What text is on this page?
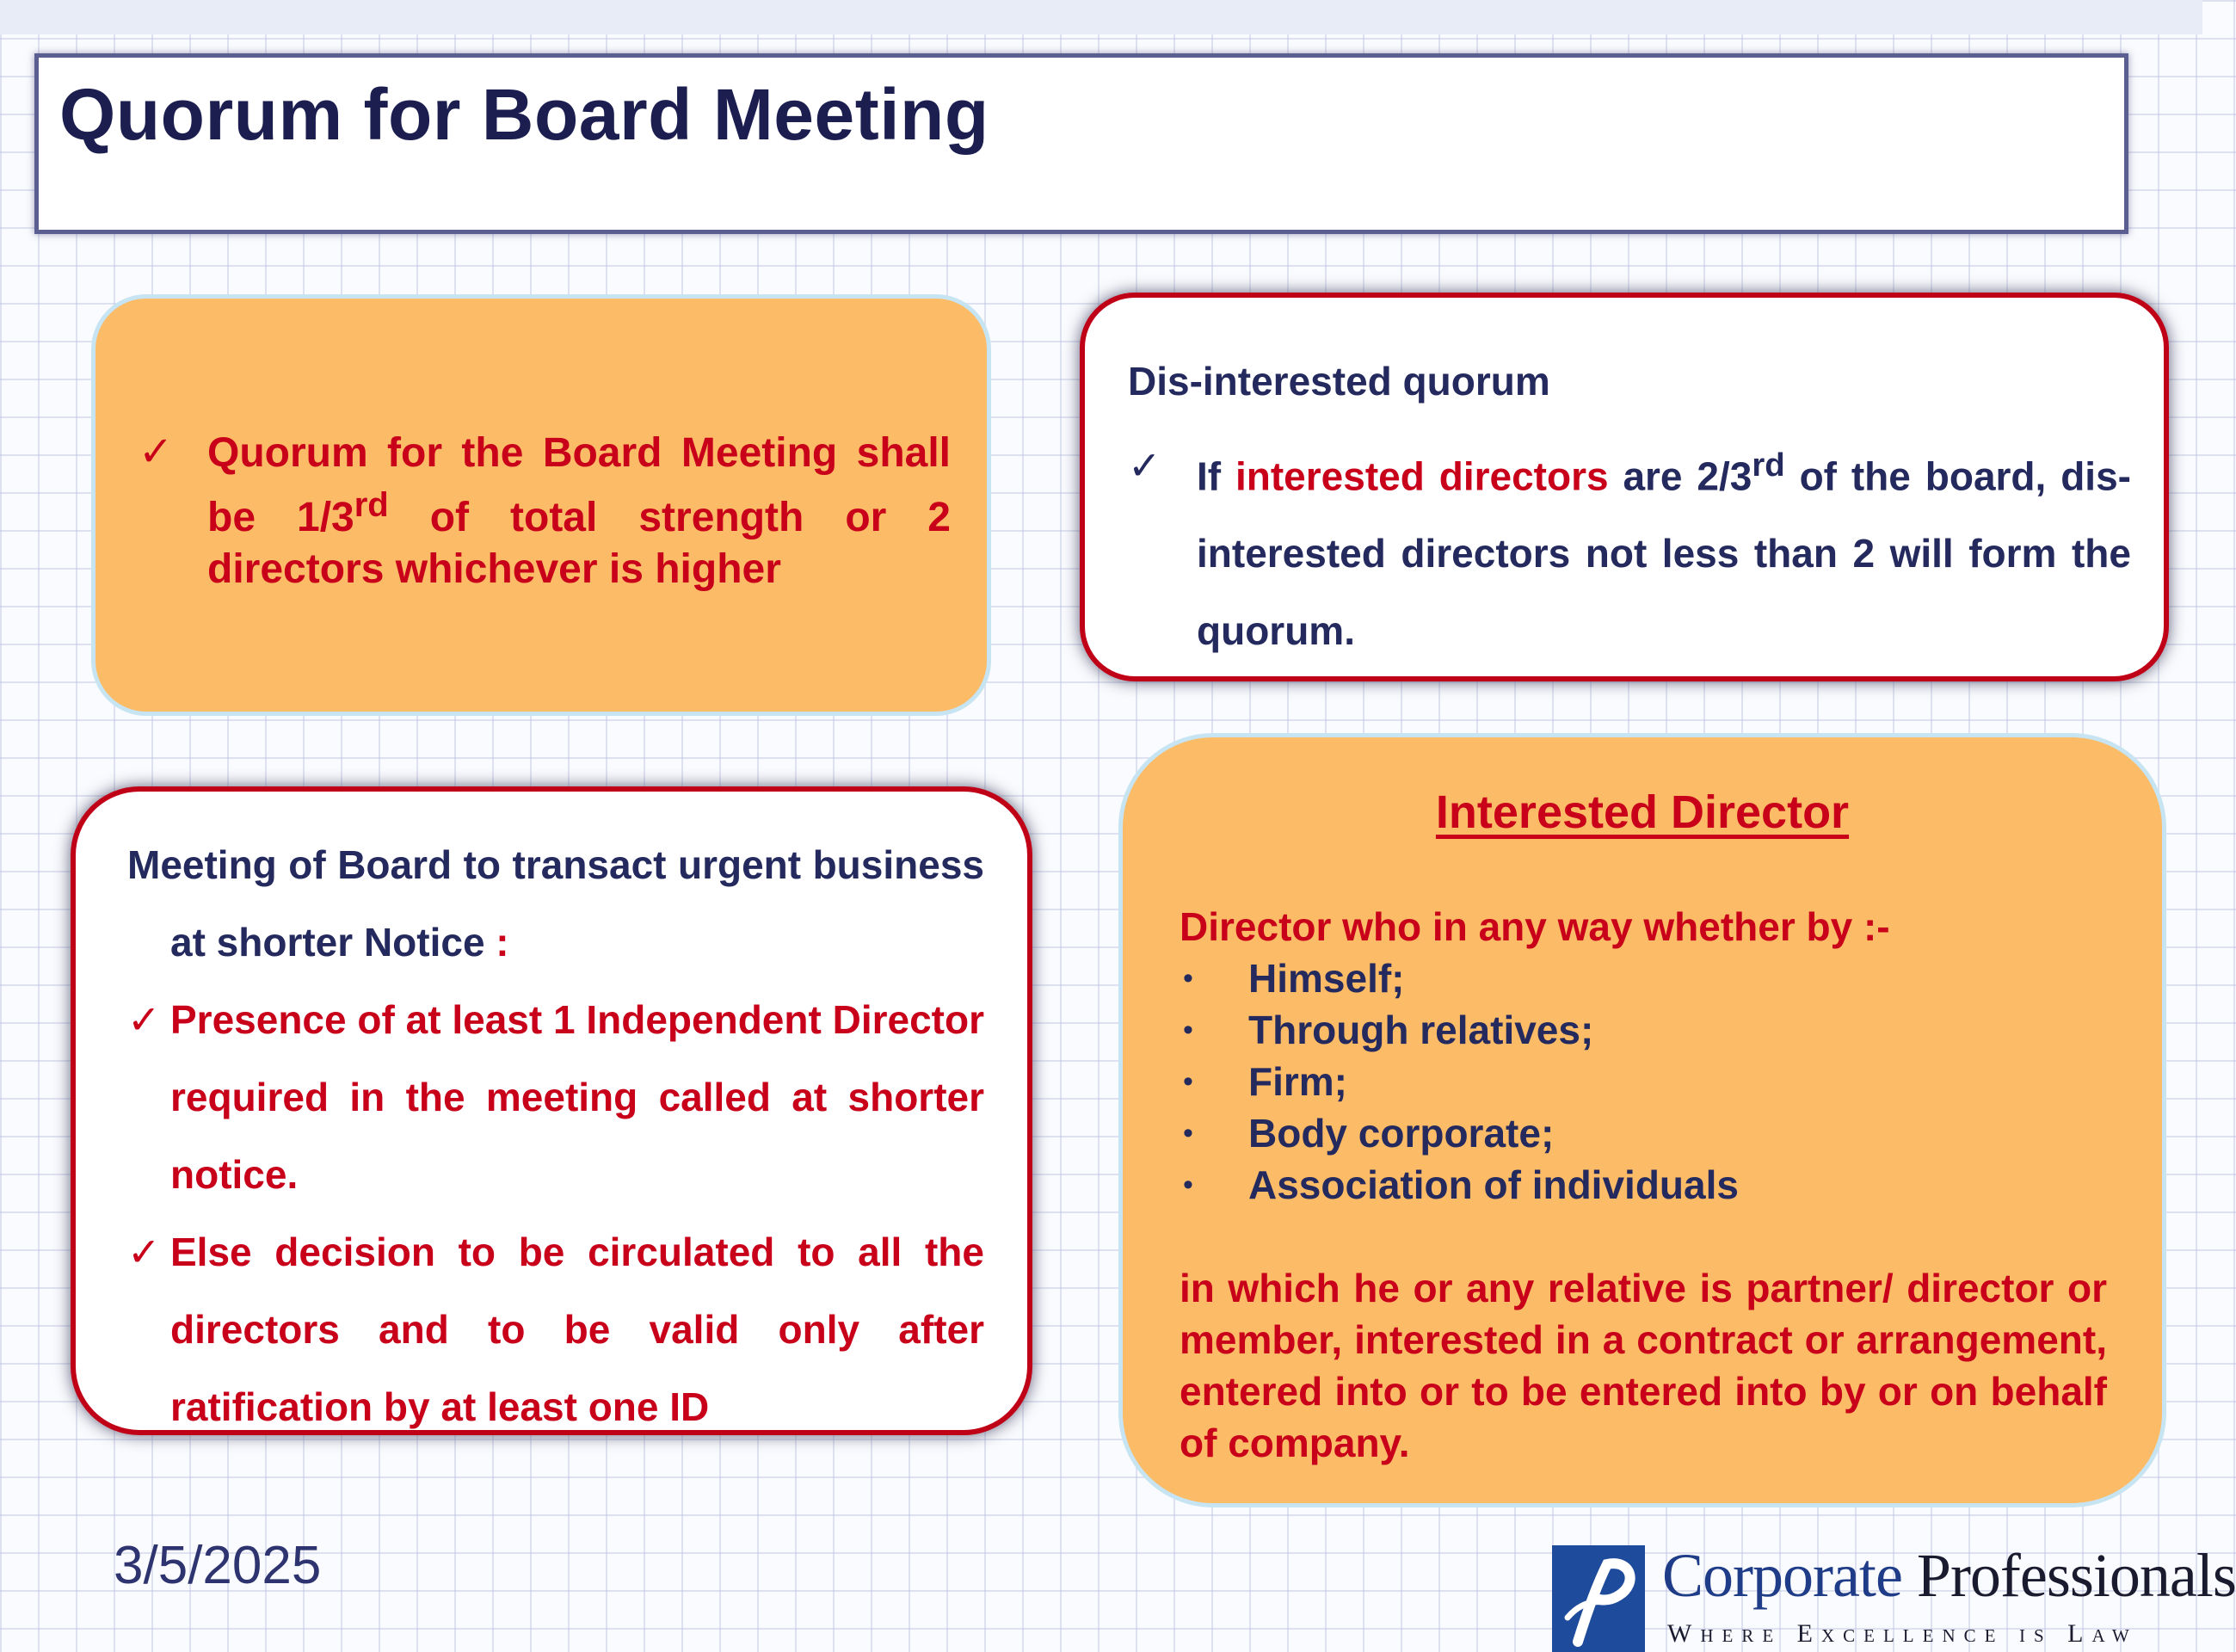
Quorum for Board Meeting
✓ Quorum for the Board Meeting shall be 1/3rd of total strength or 2 directors whichever is higher
Dis-interested quorum
✓ If interested directors are 2/3rd of the board, dis-interested directors not less than 2 will form the quorum.

Meeting of Board to transact urgent business at shorter Notice :

✓ Presence of at least 1 Independent Director required in the meeting called at shorter notice.
✓ Else decision to be circulated to all the directors and to be valid only after ratification by at least one ID
Interested Director
Director who in any way whether by :-
• Himself;
• Through relatives;
• Firm;
• Body corporate;
• Association of individuals
in which he or any relative is partner/ director or member, interested in a contract or arrangement, entered into or to be entered into by or on behalf of company.
3/5/2025	Corporate Professionals
Where Excellence is Law
